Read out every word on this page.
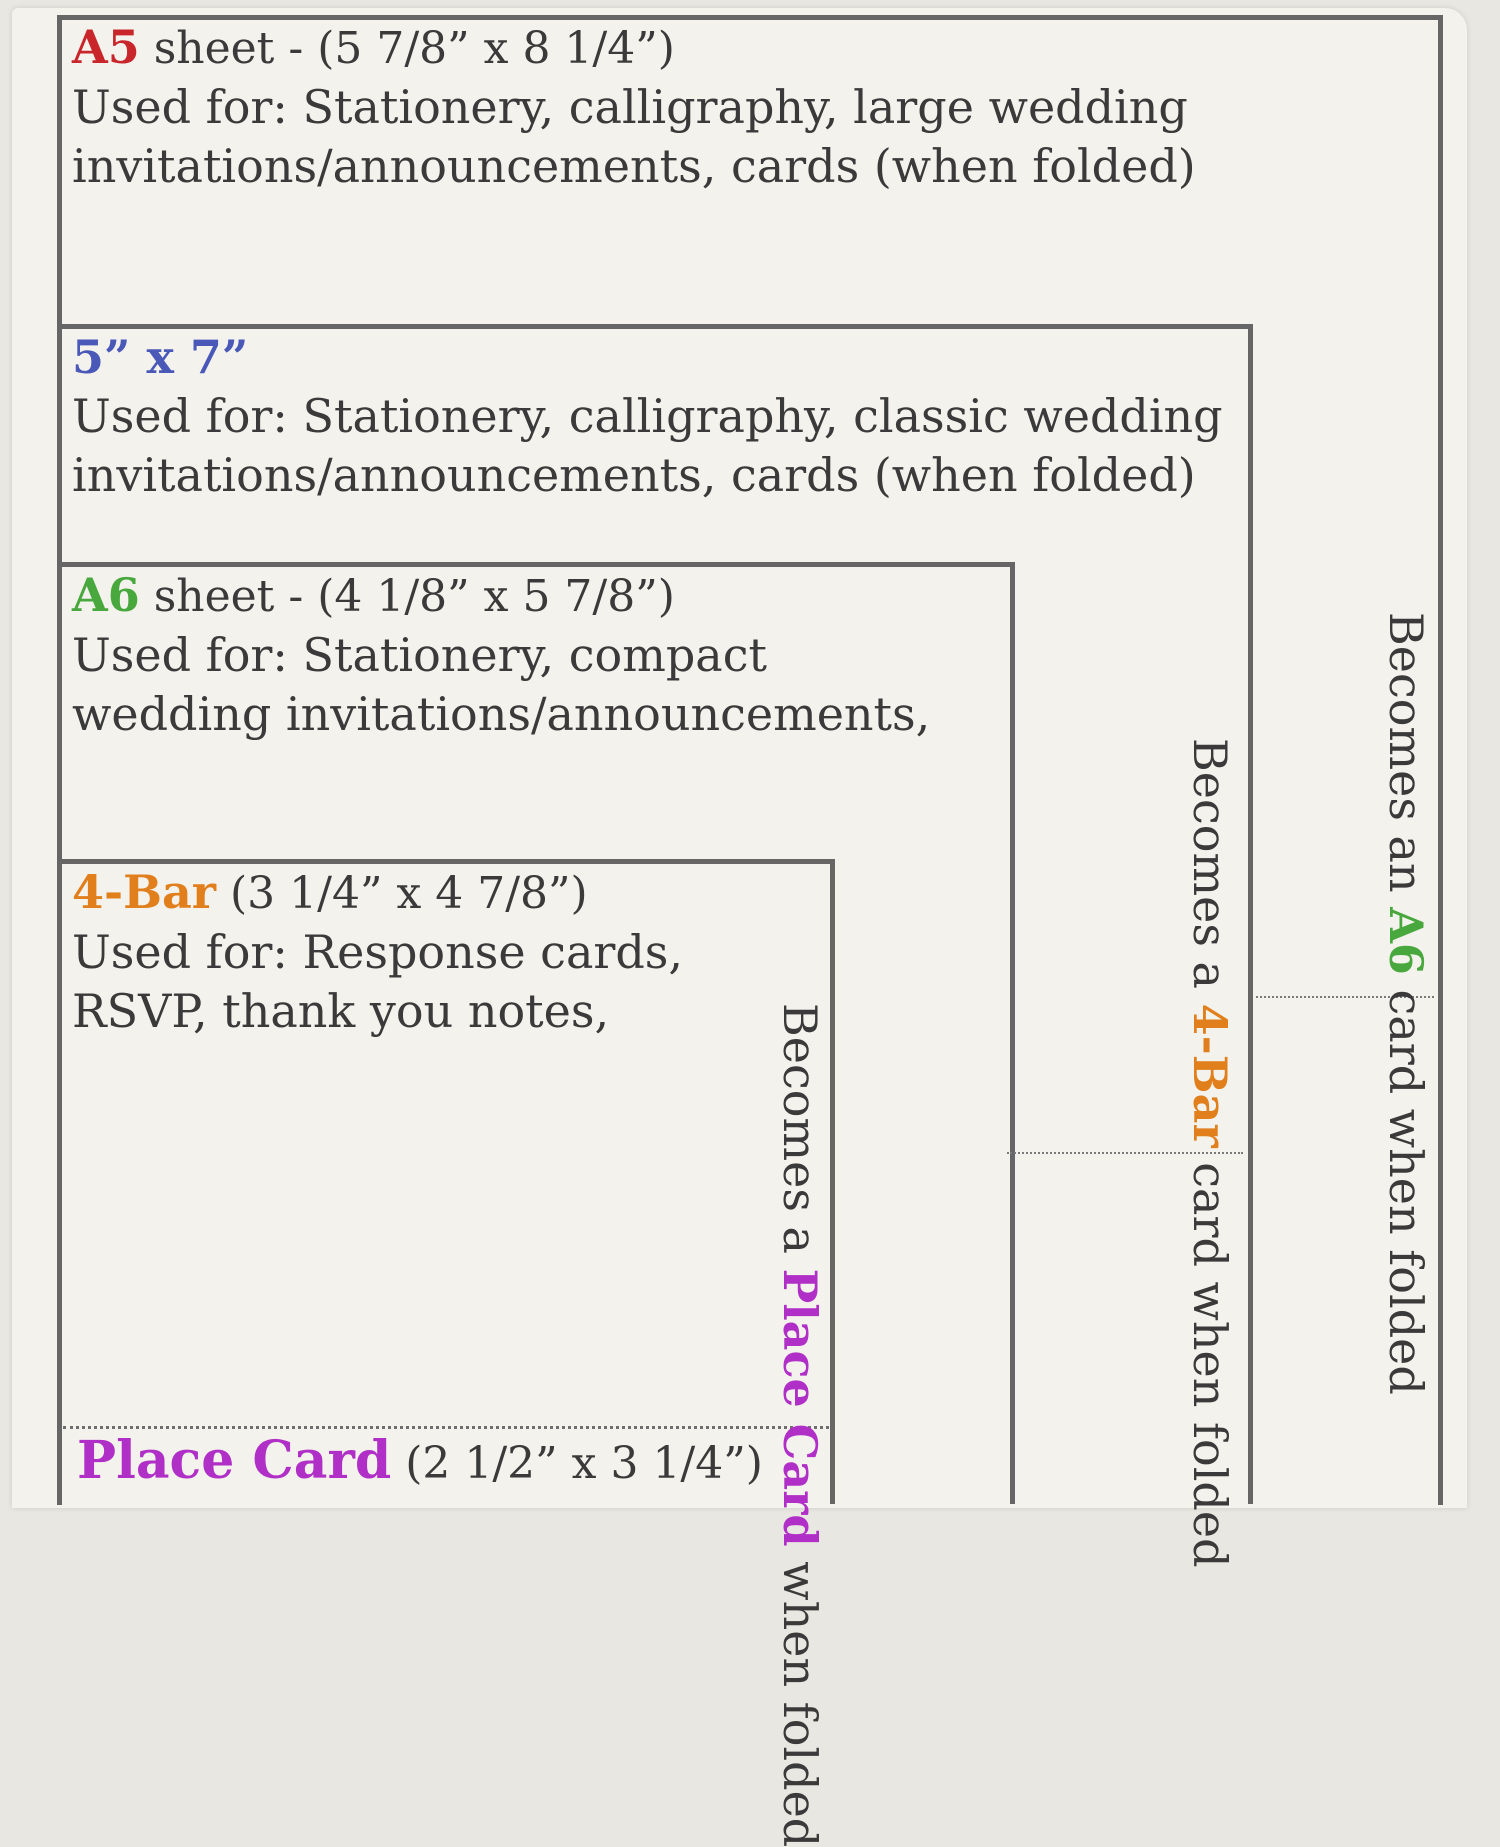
A5 sheet - (5 7/8” x 8 1/4”)
Used for: Stationery, calligraphy, large wedding
invitations/announcements, cards (when folded)
5” x 7”
Used for: Stationery, calligraphy, classic wedding
invitations/announcements, cards (when folded)
A6 sheet - (4 1/8” x 5 7/8”)
Used for: Stationery, compact
wedding invitations/announcements,
4-Bar (3 1/4” x 4 7/8”)
Used for: Response cards,
RSVP, thank you notes,
Becomes an A6 card when folded
Becomes a 4-Bar card when folded
Becomes a Place Card when folded
Place Card (2 1/2” x 3 1/4”)
